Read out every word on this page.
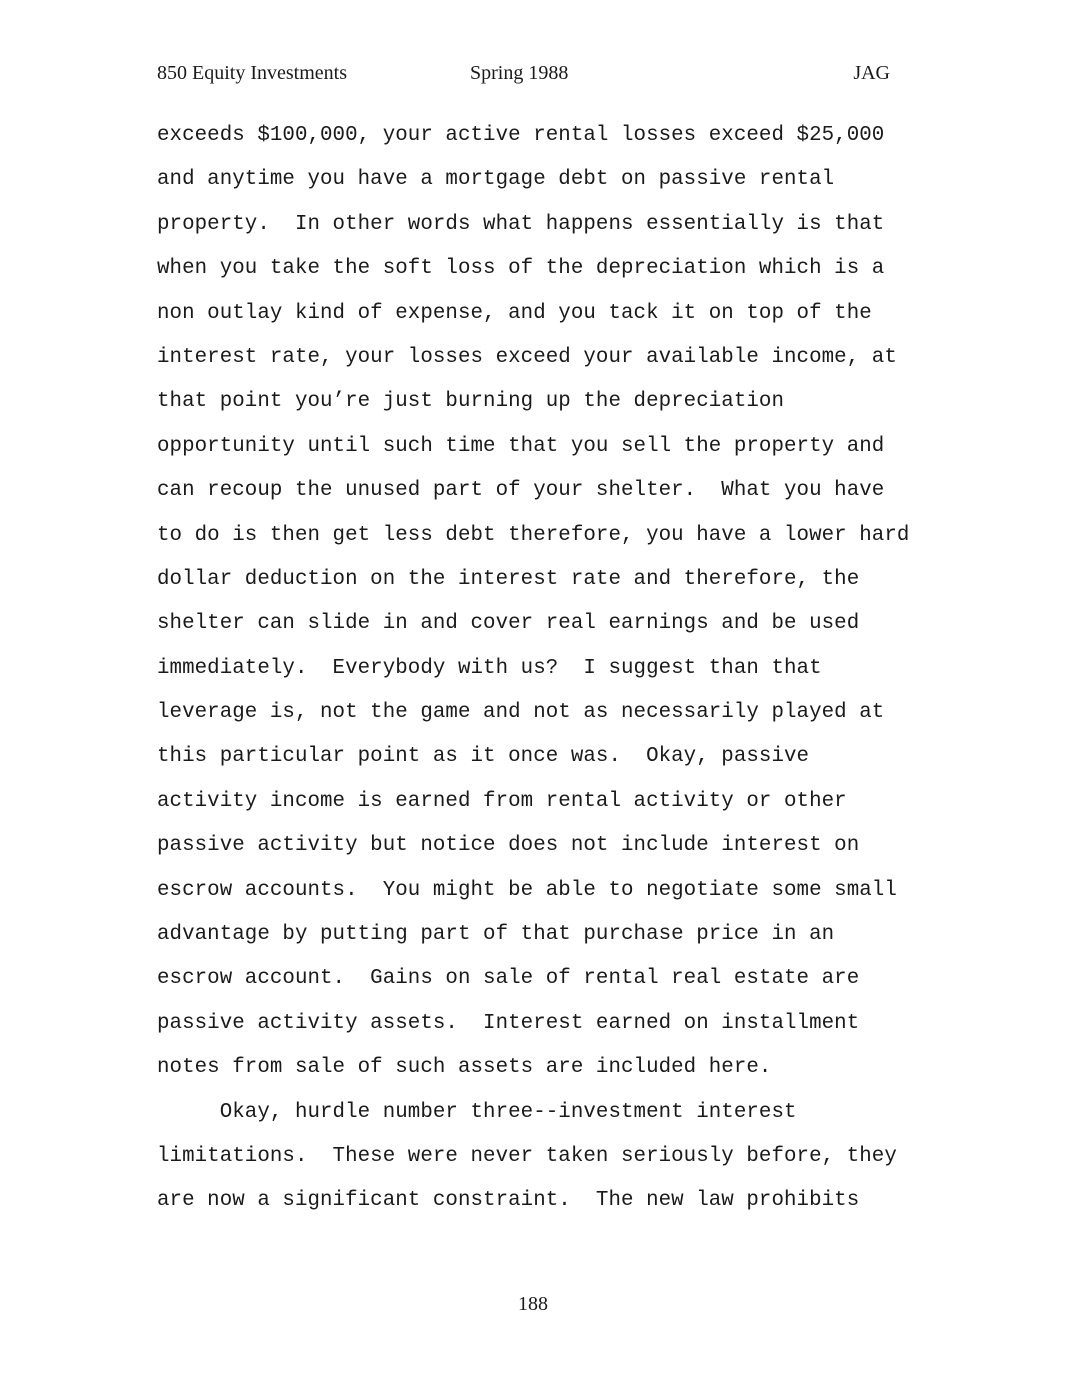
850 Equity Investments	Spring 1988	JAG
exceeds $100,000, your active rental losses exceed $25,000
and anytime you have a mortgage debt on passive rental
property.  In other words what happens essentially is that
when you take the soft loss of the depreciation which is a
non outlay kind of expense, and you tack it on top of the
interest rate, your losses exceed your available income, at
that point you’re just burning up the depreciation
opportunity until such time that you sell the property and
can recoup the unused part of your shelter.  What you have
to do is then get less debt therefore, you have a lower hard
dollar deduction on the interest rate and therefore, the
shelter can slide in and cover real earnings and be used
immediately.  Everybody with us?  I suggest than that
leverage is, not the game and not as necessarily played at
this particular point as it once was.  Okay, passive
activity income is earned from rental activity or other
passive activity but notice does not include interest on
escrow accounts.  You might be able to negotiate some small
advantage by putting part of that purchase price in an
escrow account.  Gains on sale of rental real estate are
passive activity assets.  Interest earned on installment
notes from sale of such assets are included here.
Okay, hurdle number three--investment interest
limitations.  These were never taken seriously before, they
are now a significant constraint.  The new law prohibits
188
